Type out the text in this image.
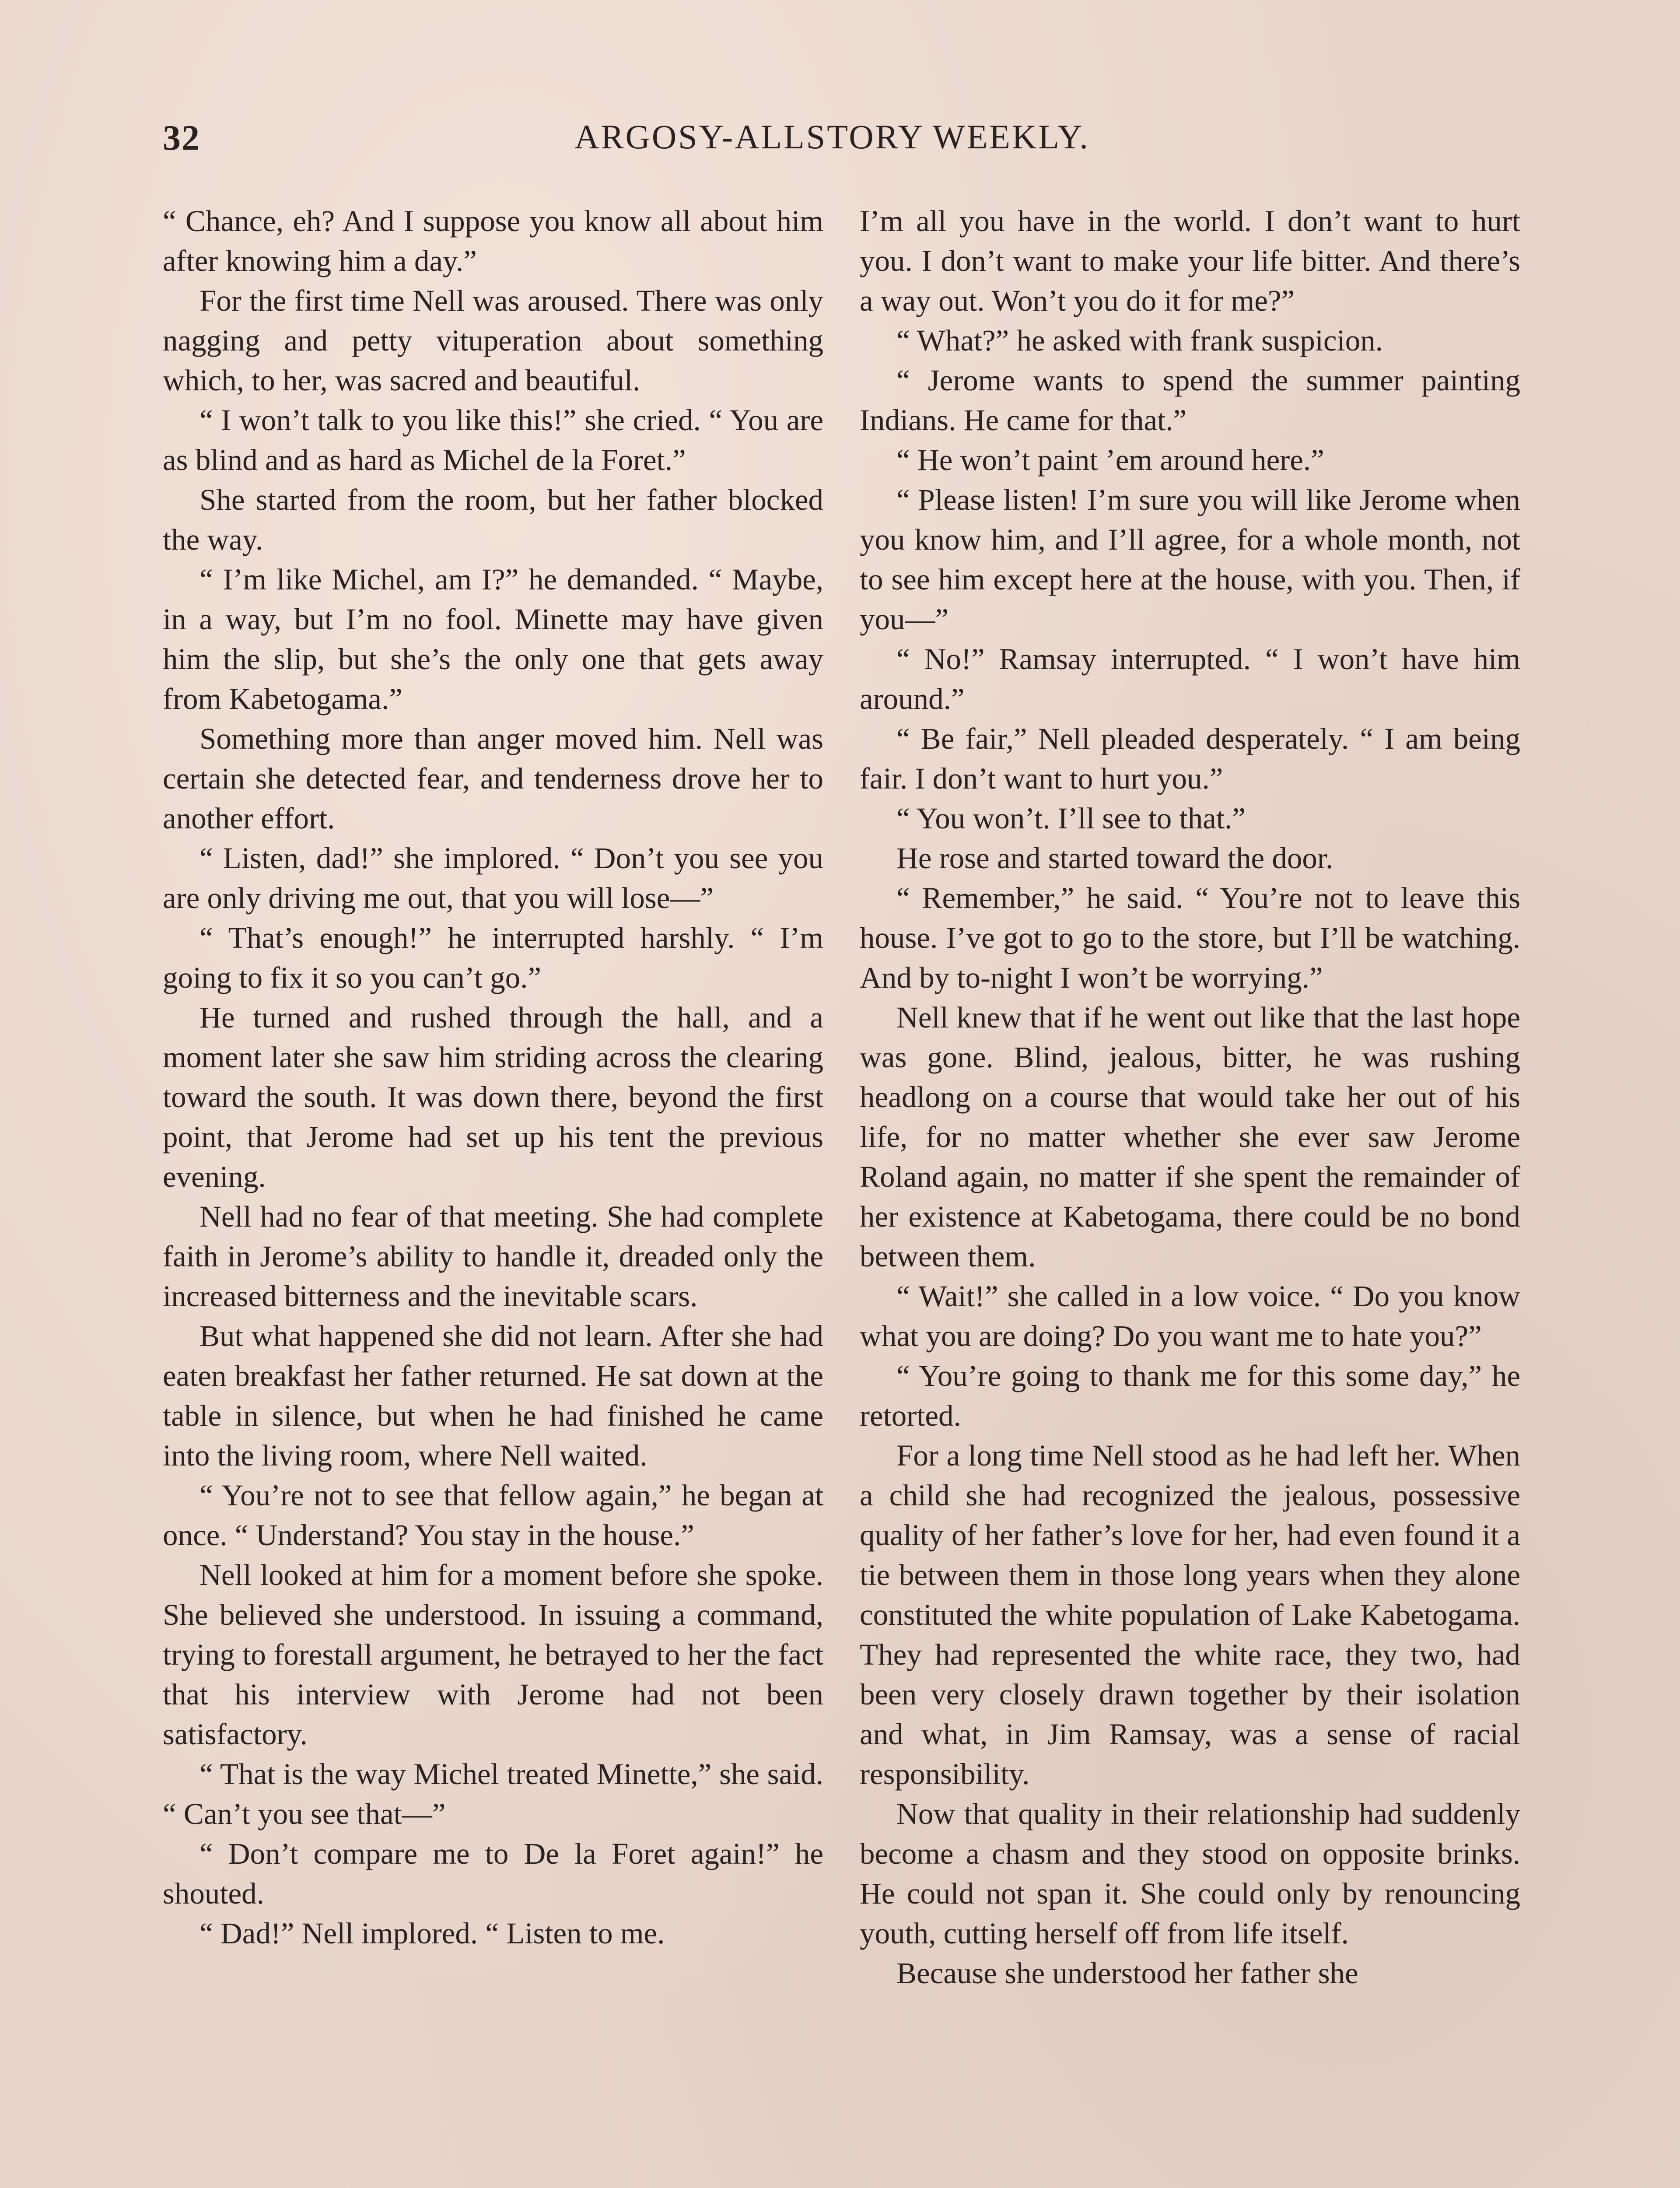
32	ARGOSY-ALLSTORY WEEKLY.

“ Chance, eh? And I suppose you know all about him after knowing him a day.”

For the first time Nell was aroused. There was only nagging and petty vituperation about something which, to her, was sacred and beautiful.

“ I won’t talk to you like this!” she cried. “ You are as blind and as hard as Michel de la Foret.”

She started from the room, but her father blocked the way.

“ I’m like Michel, am I?” he demanded. “ Maybe, in a way, but I’m no fool. Minette may have given him the slip, but she’s the only one that gets away from Kabetogama.”

Something more than anger moved him. Nell was certain she detected fear, and tenderness drove her to another effort.

“ Listen, dad!” she implored. “ Don’t you see you are only driving me out, that you will lose—”

“ That’s enough!” he interrupted harshly. “ I’m going to fix it so you can’t go.”

He turned and rushed through the hall, and a moment later she saw him striding across the clearing toward the south. It was down there, beyond the first point, that Jerome had set up his tent the previous evening.

Nell had no fear of that meeting. She had complete faith in Jerome’s ability to handle it, dreaded only the increased bitterness and the inevitable scars.

But what happened she did not learn. After she had eaten breakfast her father returned. He sat down at the table in silence, but when he had finished he came into the living room, where Nell waited.

“ You’re not to see that fellow again,” he began at once. “ Understand? You stay in the house.”

Nell looked at him for a moment before she spoke. She believed she understood. In issuing a command, trying to forestall argument, he betrayed to her the fact that his interview with Jerome had not been satisfactory.

“ That is the way Michel treated Minette,” she said. “ Can’t you see that—”

“ Don’t compare me to De la Foret again!” he shouted.

“ Dad!” Nell implored. “ Listen to me.

I’m all you have in the world. I don’t want to hurt you. I don’t want to make your life bitter. And there’s a way out. Won’t you do it for me?”

“ What?” he asked with frank suspicion.

“ Jerome wants to spend the summer painting Indians. He came for that.”

“ He won’t paint ’em around here.”

“ Please listen! I’m sure you will like Jerome when you know him, and I’ll agree, for a whole month, not to see him except here at the house, with you. Then, if you—”

“ No!” Ramsay interrupted. “ I won’t have him around.”

“ Be fair,” Nell pleaded desperately. “ I am being fair. I don’t want to hurt you.”

“ You won’t. I’ll see to that.”

He rose and started toward the door.

“ Remember,” he said. “ You’re not to leave this house. I’ve got to go to the store, but I’ll be watching. And by to-night I won’t be worrying.”

Nell knew that if he went out like that the last hope was gone. Blind, jealous, bitter, he was rushing headlong on a course that would take her out of his life, for no matter whether she ever saw Jerome Roland again, no matter if she spent the remainder of her existence at Kabetogama, there could be no bond between them.

“ Wait!” she called in a low voice. “ Do you know what you are doing? Do you want me to hate you?”

“ You’re going to thank me for this some day,” he retorted.

For a long time Nell stood as he had left her. When a child she had recognized the jealous, possessive quality of her father’s love for her, had even found it a tie between them in those long years when they alone constituted the white population of Lake Kabetogama. They had represented the white race, they two, had been very closely drawn together by their isolation and what, in Jim Ramsay, was a sense of racial responsibility.

Now that quality in their relationship had suddenly become a chasm and they stood on opposite brinks. He could not span it. She could only by renouncing youth, cutting herself off from life itself.

Because she understood her father she
